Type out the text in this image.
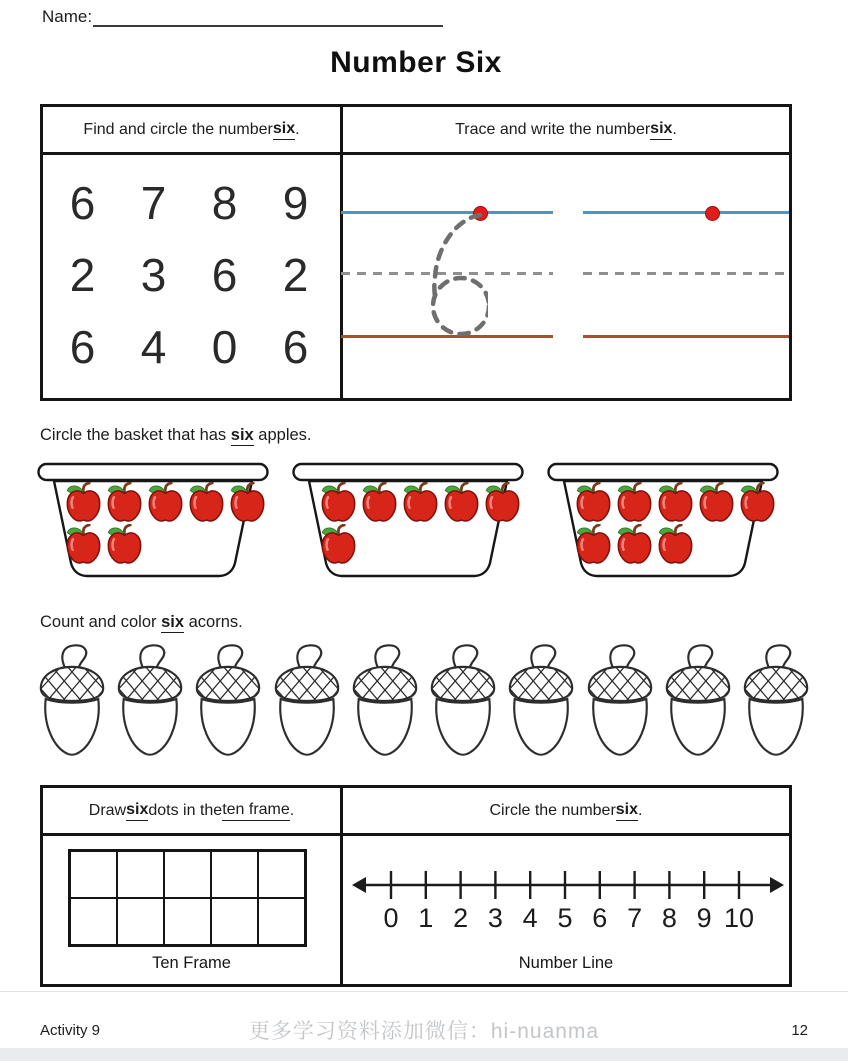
Name:
Number Six
Find and circle the number six .	Trace and write the number six .
6 7 8 9
2 3 6 2
6 4 0 6
Circle the basket that has six apples.
Count and color six acorns.
Draw six dots in the ten frame .	Circle the number six .
Ten Frame
0 1 2 3 4 5 6 7 8 9 10
Number Line
Activity 9	更多学习资料添加微信：hi-nuanma	12
